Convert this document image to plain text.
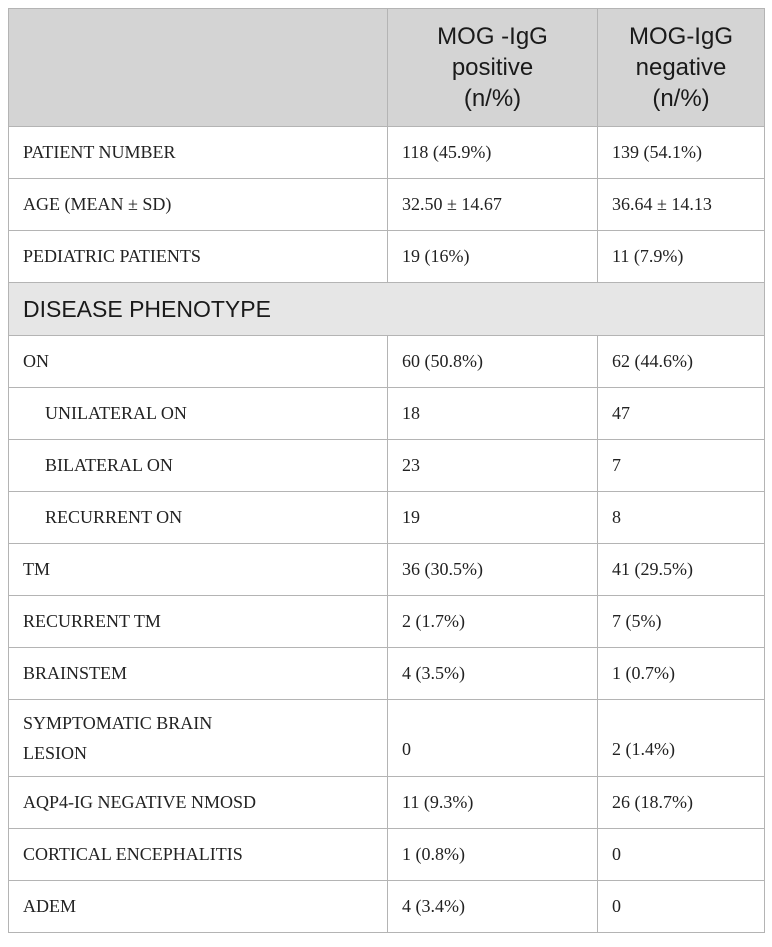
	MOG -IgG
positive
(n/%)	MOG-IgG
negative
(n/%)

PATIENT NUMBER	118 (45.9%)	139 (54.1%)
AGE (MEAN ± SD)	32.50 ± 14.67	36.64 ± 14.13
PEDIATRIC PATIENTS	19 (16%)	11 (7.9%)
DISEASE PHENOTYPE		
ON	60 (50.8%)	62 (44.6%)
UNILATERAL ON	18	47
BILATERAL ON	23	7
RECURRENT ON	19	8
TM	36 (30.5%)	41 (29.5%)
RECURRENT TM	2 (1.7%)	7 (5%)
BRAINSTEM	4 (3.5%)	1 (0.7%)
SYMPTOMATIC BRAIN
LESION	0	2 (1.4%)
AQP4-IG NEGATIVE NMOSD	11 (9.3%)	26 (18.7%)
CORTICAL ENCEPHALITIS	1 (0.8%)	0
ADEM	4 (3.4%)	0
